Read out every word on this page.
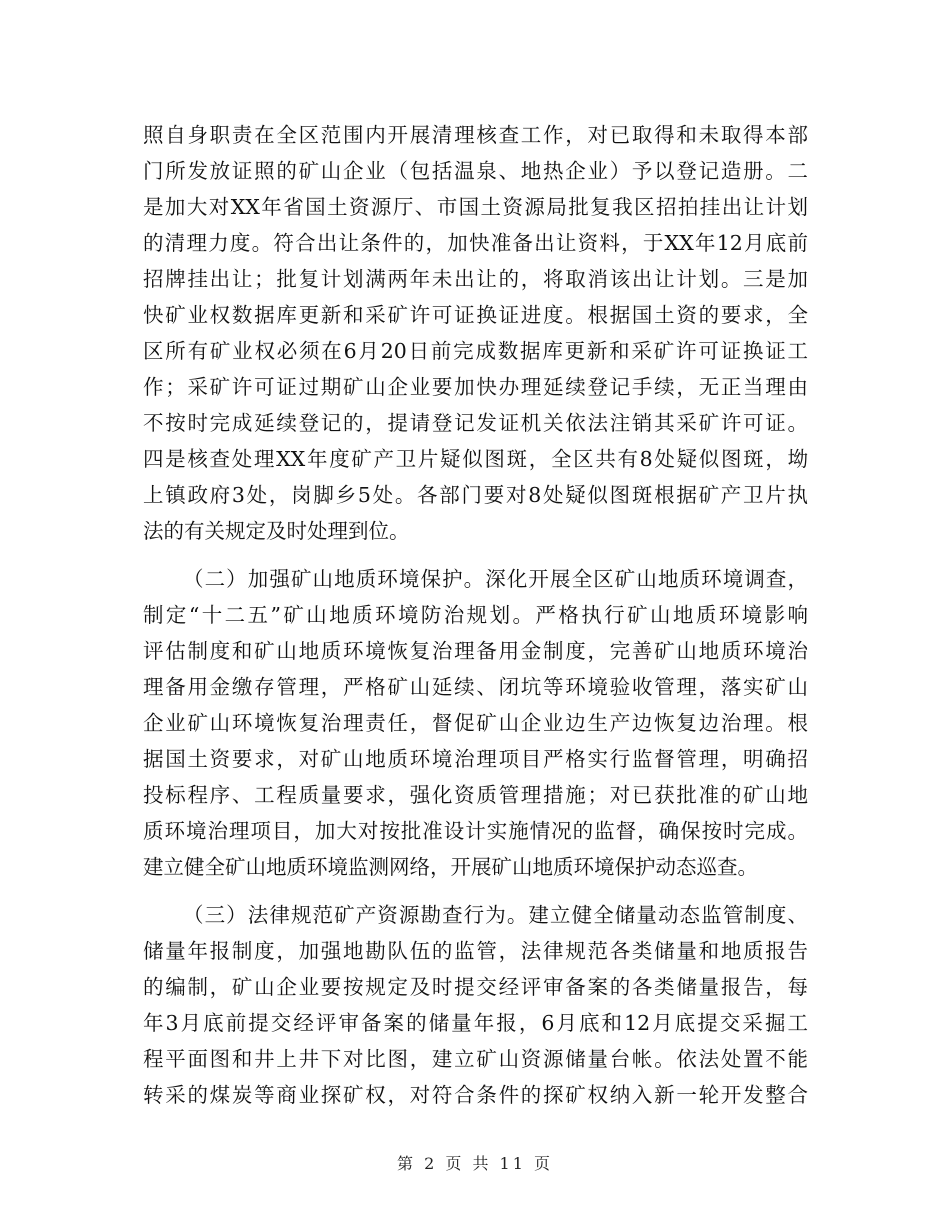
照自身职责在全区范围内开展清理核查工作，对已取得和未取得本部
门所发放证照的矿山企业（包括温泉、地热企业）予以登记造册。二
是加大对XX年省国土资源厅、市国土资源局批复我区招拍挂出让计划
的清理力度。符合出让条件的，加快准备出让资料，于XX年12月底前
招牌挂出让；批复计划满两年未出让的，将取消该出让计划。三是加
快矿业权数据库更新和采矿许可证换证进度。根据国土资的要求，全
区所有矿业权必须在6月20日前完成数据库更新和采矿许可证换证工
作；采矿许可证过期矿山企业要加快办理延续登记手续，无正当理由
不按时完成延续登记的，提请登记发证机关依法注销其采矿许可证。
四是核查处理XX年度矿产卫片疑似图斑，全区共有8处疑似图斑，坳
上镇政府3处，岗脚乡5处。各部门要对8处疑似图斑根据矿产卫片执
法的有关规定及时处理到位。
（二）加强矿山地质环境保护。深化开展全区矿山地质环境调查，
制定“十二五”矿山地质环境防治规划。严格执行矿山地质环境影响
评估制度和矿山地质环境恢复治理备用金制度，完善矿山地质环境治
理备用金缴存管理，严格矿山延续、闭坑等环境验收管理，落实矿山
企业矿山环境恢复治理责任，督促矿山企业边生产边恢复边治理。根
据国土资要求，对矿山地质环境治理项目严格实行监督管理，明确招
投标程序、工程质量要求，强化资质管理措施；对已获批准的矿山地
质环境治理项目，加大对按批准设计实施情况的监督，确保按时完成。
建立健全矿山地质环境监测网络，开展矿山地质环境保护动态巡查。
（三）法律规范矿产资源勘查行为。建立健全储量动态监管制度、
储量年报制度，加强地勘队伍的监管，法律规范各类储量和地质报告
的编制，矿山企业要按规定及时提交经评审备案的各类储量报告，每
年3月底前提交经评审备案的储量年报，6月底和12月底提交采掘工
程平面图和井上井下对比图，建立矿山资源储量台帐。依法处置不能
转采的煤炭等商业探矿权，对符合条件的探矿权纳入新一轮开发整合
第 2 页 共 11 页
